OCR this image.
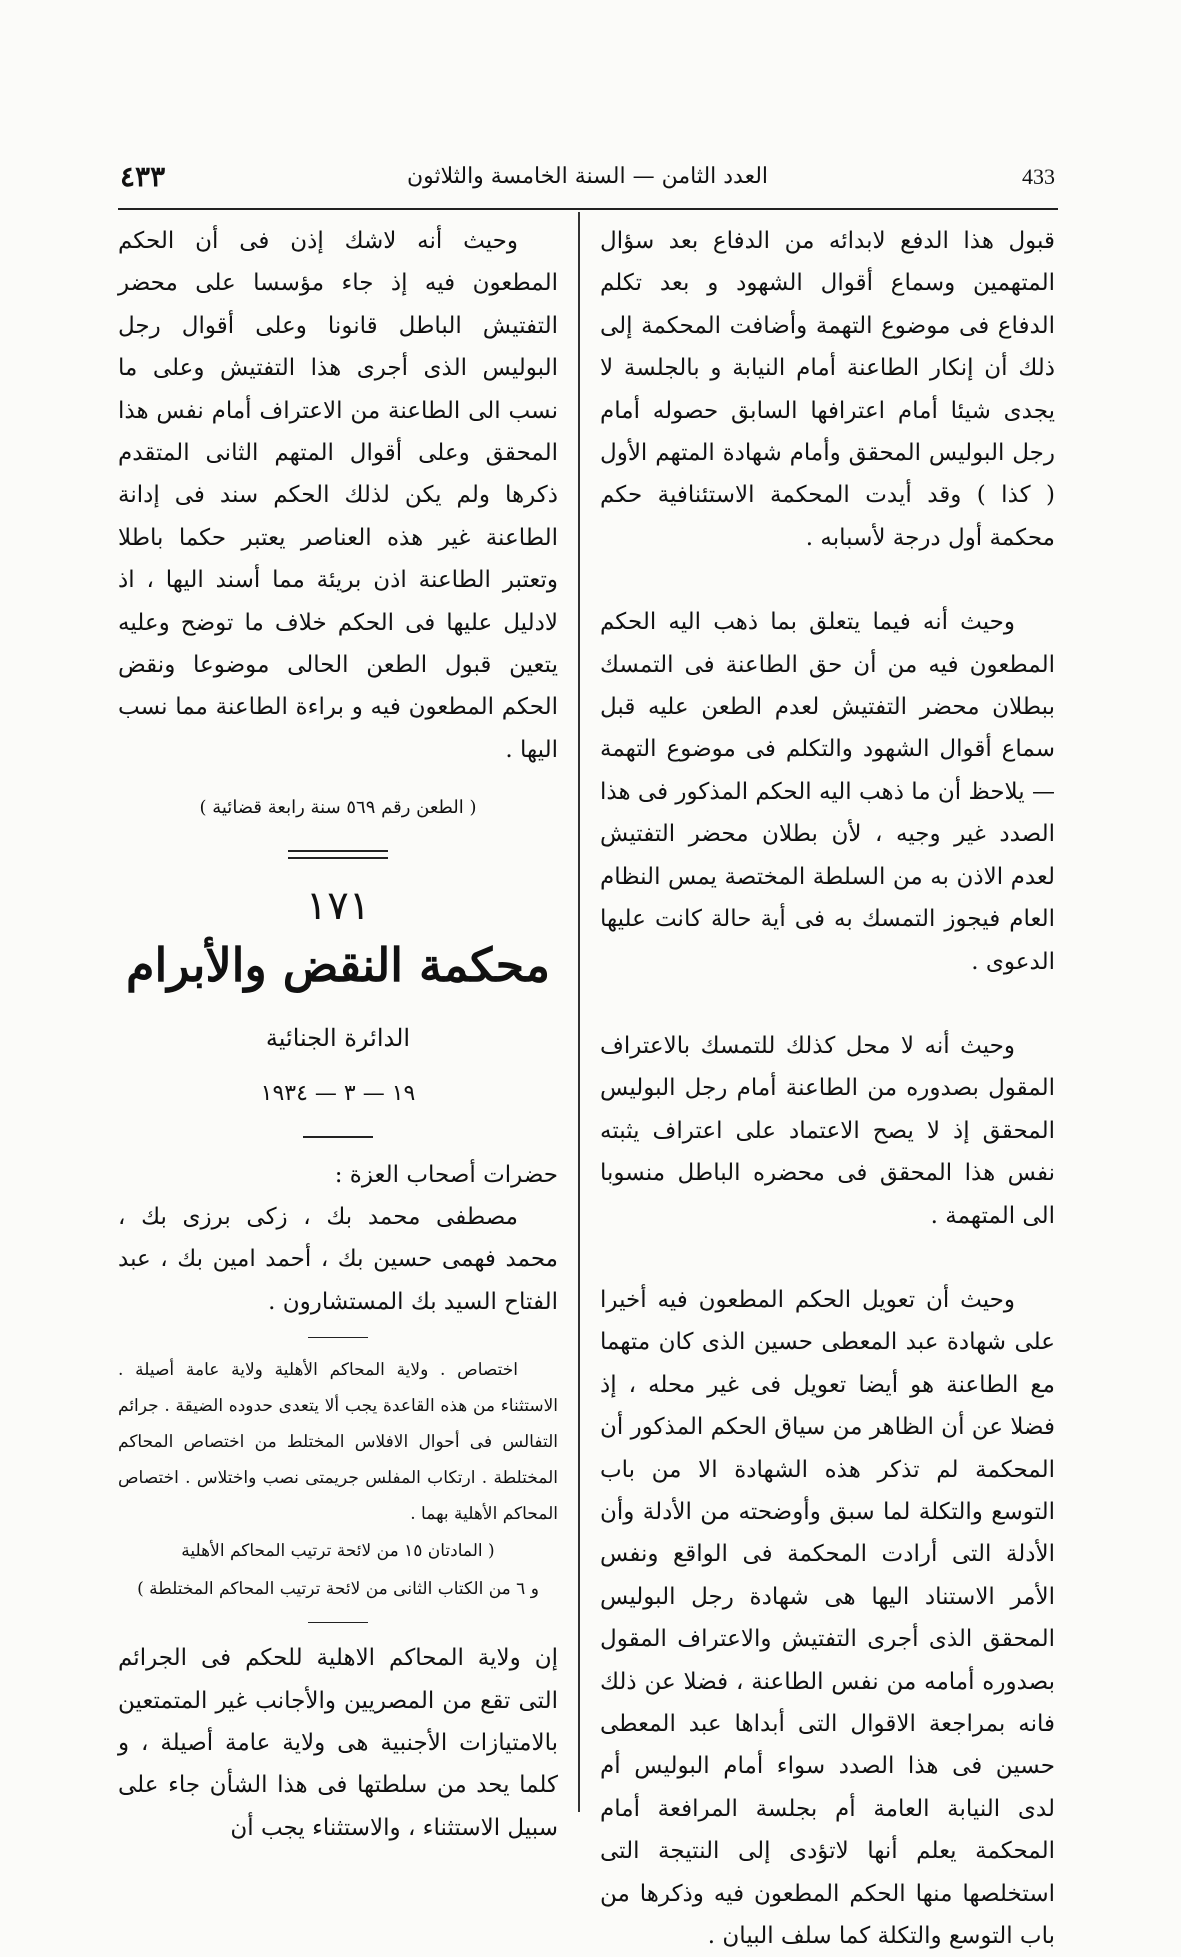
433
العدد الثامن — السنة الخامسة والثلاثون
٤٣٣

قبول هذا الدفع لابدائه من الدفاع بعد سؤال المتهمين وسماع أقوال الشهود و بعد تكلم الدفاع فى موضوع التهمة وأضافت المحكمة إلى ذلك أن إنكار الطاعنة أمام النيابة و بالجلسة لا يجدى شيئا أمام اعترافها السابق حصوله أمام رجل البوليس المحقق وأمام شهادة المتهم الأول ( كذا ) وقد أيدت المحكمة الاستئنافية حكم محكمة أول درجة لأسبابه .

وحيث أنه فيما يتعلق بما ذهب اليه الحكم المطعون فيه من أن حق الطاعنة فى التمسك ببطلان محضر التفتيش لعدم الطعن عليه قبل سماع أقوال الشهود والتكلم فى موضوع التهمة — يلاحظ أن ما ذهب اليه الحكم المذكور فى هذا الصدد غير وجيه ، لأن بطلان محضر التفتيش لعدم الاذن به من السلطة المختصة يمس النظام العام فيجوز التمسك به فى أية حالة كانت عليها الدعوى .

وحيث أنه لا محل كذلك للتمسك بالاعتراف المقول بصدوره من الطاعنة أمام رجل البوليس المحقق إذ لا يصح الاعتماد على اعتراف يثبته نفس هذا المحقق فى محضره الباطل منسوبا الى المتهمة .

وحيث أن تعويل الحكم المطعون فيه أخيرا على شهادة عبد المعطى حسين الذى كان متهما مع الطاعنة هو أيضا تعويل فى غير محله ، إذ فضلا عن أن الظاهر من سياق الحكم المذكور أن المحكمة لم تذكر هذه الشهادة الا من باب التوسع والتكلة لما سبق وأوضحته من الأدلة وأن الأدلة التى أرادت المحكمة فى الواقع ونفس الأمر الاستناد اليها هى شهادة رجل البوليس المحقق الذى أجرى التفتيش والاعتراف المقول بصدوره أمامه من نفس الطاعنة ، فضلا عن ذلك فانه بمراجعة الاقوال التى أبداها عبد المعطى حسين فى هذا الصدد سواء أمام البوليس أم لدى النيابة العامة أم بجلسة المرافعة أمام المحكمة يعلم أنها لاتؤدى إلى النتيجة التى استخلصها منها الحكم المطعون فيه وذكرها من باب التوسع والتكلة كما سلف البيان .

وحيث أنه لاشك إذن فى أن الحكم المطعون فيه إذ جاء مؤسسا على محضر التفتيش الباطل قانونا وعلى أقوال رجل البوليس الذى أجرى هذا التفتيش وعلى ما نسب الى الطاعنة من الاعتراف أمام نفس هذا المحقق وعلى أقوال المتهم الثانى المتقدم ذكرها ولم يكن لذلك الحكم سند فى إدانة الطاعنة غير هذه العناصر يعتبر حكما باطلا وتعتبر الطاعنة اذن بريئة مما أسند اليها ، اذ لادليل عليها فى الحكم خلاف ما توضح وعليه يتعين قبول الطعن الحالى موضوعا ونقض الحكم المطعون فيه و براءة الطاعنة مما نسب اليها .

( الطعن رقم ٥٦٩ سنة رابعة قضائية )
١٧١
محكمة النقض والأبرام
الدائرة الجنائية
١٩ — ٣ — ١٩٣٤

حضرات أصحاب العزة :

مصطفى محمد بك ، زكى برزى بك ، محمد فهمى حسين بك ، أحمد امين بك ، عبد الفتاح السيد بك المستشارون .

اختصاص . ولاية المحاكم الأهلية ولاية عامة أصيلة . الاستثناء من هذه القاعدة يجب ألا يتعدى حدوده الضيقة . جرائم التفالس فى أحوال الافلاس المختلط من اختصاص المحاكم المختلطة . ارتكاب المفلس جريمتى نصب واختلاس . اختصاص المحاكم الأهلية بهما .

( المادتان ١٥ من لائحة ترتيب المحاكم الأهلية
و ٦ من الكتاب الثانى من لائحة ترتيب المحاكم المختلطة )

إن ولاية المحاكم الاهلية للحكم فى الجرائم التى تقع من المصريين والأجانب غير المتمتعين بالامتيازات الأجنبية هى ولاية عامة أصيلة ، و كلما يحد من سلطتها فى هذا الشأن جاء على سبيل الاستثناء ، والاستثناء يجب أن
